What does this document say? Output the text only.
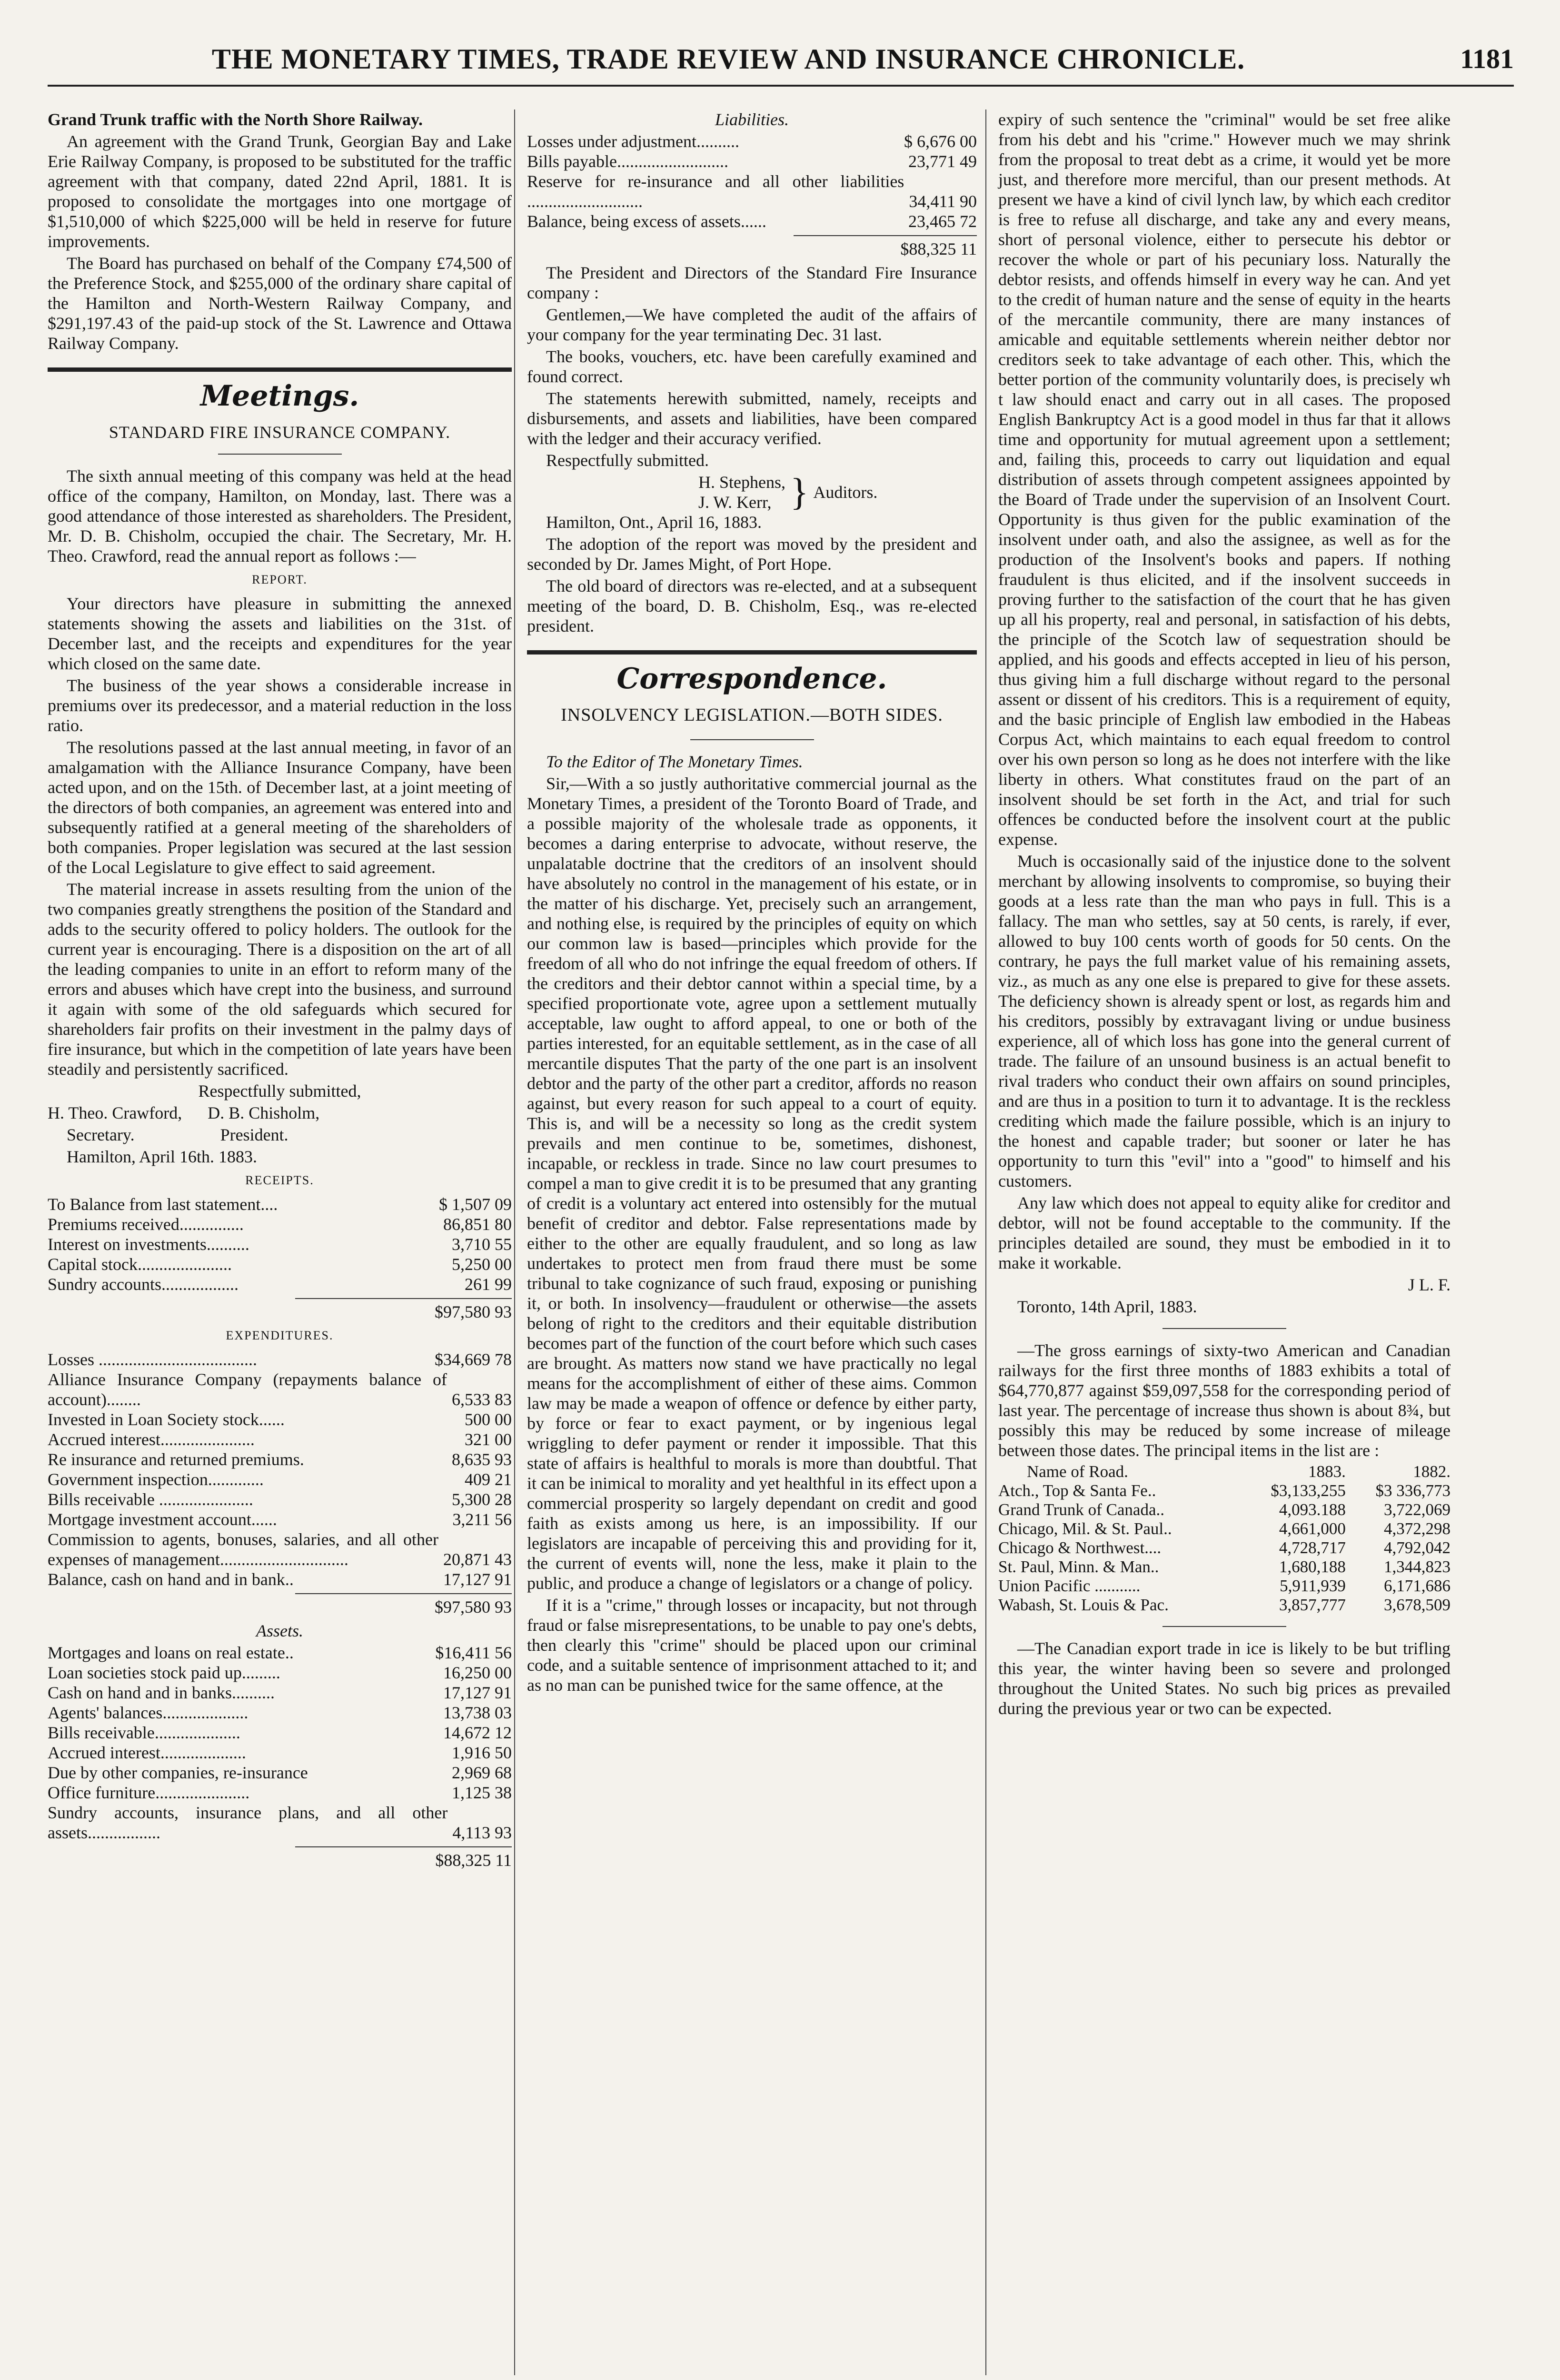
THE MONETARY TIMES, TRADE REVIEW AND INSURANCE CHRONICLE.	1181

Grand Trunk traffic with the North Shore Railway.

An agreement with the Grand Trunk, Georgian Bay and Lake Erie Railway Company, is proposed to be substituted for the traffic agreement with that company, dated 22nd April, 1881. It is proposed to consolidate the mortgages into one mortgage of $1,510,000 of which $225,000 will be held in reserve for future improvements.

The Board has purchased on behalf of the Company £74,500 of the Preference Stock, and $255,000 of the ordinary share capital of the Hamilton and North-Western Railway Company, and $291,197.43 of the paid-up stock of the St. Lawrence and Ottawa Railway Company.

Meetings.

STANDARD FIRE INSURANCE COMPANY.

The sixth annual meeting of this company was held at the head office of the company, Hamilton, on Monday, last. There was a good attendance of those interested as shareholders. The President, Mr. D. B. Chisholm, occupied the chair. The Secretary, Mr. H. Theo. Crawford, read the annual report as follows :—

REPORT.

Your directors have pleasure in submitting the annexed statements showing the assets and liabilities on the 31st. of December last, and the receipts and expenditures for the year which closed on the same date.

The business of the year shows a considerable increase in premiums over its predecessor, and a material reduction in the loss ratio.

The resolutions passed at the last annual meeting, in favor of an amalgamation with the Alliance Insurance Company, have been acted upon, and on the 15th. of December last, at a joint meeting of the directors of both companies, an agreement was entered into and subsequently ratified at a general meeting of the shareholders of both companies. Proper legislation was secured at the last session of the Local Legislature to give effect to said agreement.

The material increase in assets resulting from the union of the two companies greatly strengthens the position of the Standard and adds to the security offered to policy holders. The outlook for the current year is encouraging. There is a disposition on the art of all the leading companies to unite in an effort to reform many of the errors and abuses which have crept into the business, and surround it again with some of the old safeguards which secured for shareholders fair profits on their investment in the palmy days of fire insurance, but which in the competition of late years have been steadily and persistently sacrificed.

Respectfully submitted,

H. Theo. Crawford,      D. B. Chisholm,

Secretary.                    President.

Hamilton, April 16th. 1883.

RECEIPTS.
To Balance from last statement....	$ 1,507 09
Premiums received...............	86,851 80
Interest on investments..........	3,710 55
Capital stock......................	5,250 00
Sundry accounts..................	261 99
$97,580 93
EXPENDITURES.
Losses .....................................	$34,669 78
Alliance Insurance Company (repayments balance of account)........	6,533 83
Invested in Loan Society stock......	500 00
Accrued interest......................	321 00
Re insurance and returned premiums.	8,635 93
Government inspection.............	409 21
Bills receivable ......................	5,300 28
Mortgage investment account......	3,211 56
Commission to agents, bonuses, salaries, and all other expenses of management..............................	20,871 43
Balance, cash on hand and in bank..	17,127 91
$97,580 93

Assets.

Mortgages and loans on real estate..	$16,411 56
Loan societies stock paid up.........	16,250 00
Cash on hand and in banks..........	17,127 91
Agents' balances....................	13,738 03
Bills receivable....................	14,672 12
Accrued interest....................	1,916 50
Due by other companies, re-insurance	2,969 68
Office furniture......................	1,125 38
Sundry accounts, insurance plans, and all other assets.................	4,113 93
$88,325 11

Liabilities.

Losses under adjustment..........	$ 6,676 00
Bills payable..........................	23,771 49
Reserve for re-insurance and all other liabilities ...........................	34,411 90
Balance, being excess of assets......	23,465 72
$88,325 11

The President and Directors of the Standard Fire Insurance company :

Gentlemen,—We have completed the audit of the affairs of your company for the year terminating Dec. 31 last.

The books, vouchers, etc. have been carefully examined and found correct.

The statements herewith submitted, namely, receipts and disbursements, and assets and liabilities, have been compared with the ledger and their accuracy verified.

Respectfully submitted.

H. Stephens,
J. W. Kerr, } Auditors.

Hamilton, Ont., April 16, 1883.

The adoption of the report was moved by the president and seconded by Dr. James Might, of Port Hope.

The old board of directors was re-elected, and at a subsequent meeting of the board, D. B. Chisholm, Esq., was re-elected president.

Correspondence.
INSOLVENCY LEGISLATION.—BOTH SIDES.

To the Editor of The Monetary Times.

Sir,—With a so justly authoritative commercial journal as the Monetary Times, a president of the Toronto Board of Trade, and a possible majority of the wholesale trade as opponents, it becomes a daring enterprise to advocate, without reserve, the unpalatable doctrine that the creditors of an insolvent should have absolutely no control in the management of his estate, or in the matter of his discharge. Yet, precisely such an arrangement, and nothing else, is required by the principles of equity on which our common law is based—principles which provide for the freedom of all who do not infringe the equal freedom of others. If the creditors and their debtor cannot within a special time, by a specified proportionate vote, agree upon a settlement mutually acceptable, law ought to afford appeal, to one or both of the parties interested, for an equitable settlement, as in the case of all mercantile disputes That the party of the one part is an insolvent debtor and the party of the other part a creditor, affords no reason against, but every reason for such appeal to a court of equity. This is, and will be a necessity so long as the credit system prevails and men continue to be, sometimes, dishonest, incapable, or reckless in trade. Since no law court presumes to compel a man to give credit it is to be presumed that any granting of credit is a voluntary act entered into ostensibly for the mutual benefit of creditor and debtor. False representations made by either to the other are equally fraudulent, and so long as law undertakes to protect men from fraud there must be some tribunal to take cognizance of such fraud, exposing or punishing it, or both. In insolvency—fraudulent or otherwise—the assets belong of right to the creditors and their equitable distribution becomes part of the function of the court before which such cases are brought. As matters now stand we have practically no legal means for the accomplishment of either of these aims. Common law may be made a weapon of offence or defence by either party, by force or fear to exact payment, or by ingenious legal wriggling to defer payment or render it impossible. That this state of affairs is healthful to morals is more than doubtful. That it can be inimical to morality and yet healthful in its effect upon a commercial prosperity so largely dependant on credit and good faith as exists among us here, is an impossibility. If our legislators are incapable of perceiving this and providing for it, the current of events will, none the less, make it plain to the public, and produce a change of legislators or a change of policy.

If it is a "crime," through losses or incapacity, but not through fraud or false misrepresentations, to be unable to pay one's debts, then clearly this "crime" should be placed upon our criminal code, and a suitable sentence of imprisonment attached to it; and as no man can be punished twice for the same offence, at the

expiry of such sentence the "criminal" would be set free alike from his debt and his "crime." However much we may shrink from the proposal to treat debt as a crime, it would yet be more just, and therefore more merciful, than our present methods. At present we have a kind of civil lynch law, by which each creditor is free to refuse all discharge, and take any and every means, short of personal violence, either to persecute his debtor or recover the whole or part of his pecuniary loss. Naturally the debtor resists, and offends himself in every way he can. And yet to the credit of human nature and the sense of equity in the hearts of the mercantile community, there are many instances of amicable and equitable settlements wherein neither debtor nor creditors seek to take advantage of each other. This, which the better portion of the community voluntarily does, is precisely wh t law should enact and carry out in all cases. The proposed English Bankruptcy Act is a good model in thus far that it allows time and opportunity for mutual agreement upon a settlement; and, failing this, proceeds to carry out liquidation and equal distribution of assets through competent assignees appointed by the Board of Trade under the supervision of an Insolvent Court. Opportunity is thus given for the public examination of the insolvent under oath, and also the assignee, as well as for the production of the Insolvent's books and papers. If nothing fraudulent is thus elicited, and if the insolvent succeeds in proving further to the satisfaction of the court that he has given up all his property, real and personal, in satisfaction of his debts, the principle of the Scotch law of sequestration should be applied, and his goods and effects accepted in lieu of his person, thus giving him a full discharge without regard to the personal assent or dissent of his creditors. This is a requirement of equity, and the basic principle of English law embodied in the Habeas Corpus Act, which maintains to each equal freedom to control over his own person so long as he does not interfere with the like liberty in others. What constitutes fraud on the part of an insolvent should be set forth in the Act, and trial for such offences be conducted before the insolvent court at the public expense.

Much is occasionally said of the injustice done to the solvent merchant by allowing insolvents to compromise, so buying their goods at a less rate than the man who pays in full. This is a fallacy. The man who settles, say at 50 cents, is rarely, if ever, allowed to buy 100 cents worth of goods for 50 cents. On the contrary, he pays the full market value of his remaining assets, viz., as much as any one else is prepared to give for these assets. The deficiency shown is already spent or lost, as regards him and his creditors, possibly by extravagant living or undue business experience, all of which loss has gone into the general current of trade. The failure of an unsound business is an actual benefit to rival traders who conduct their own affairs on sound principles, and are thus in a position to turn it to advantage. It is the reckless crediting which made the failure possible, which is an injury to the honest and capable trader; but sooner or later he has opportunity to turn this "evil" into a "good" to himself and his customers.

Any law which does not appeal to equity alike for creditor and debtor, will not be found acceptable to the community. If the principles detailed are sound, they must be embodied in it to make it workable.

J L. F.

Toronto, 14th April, 1883.

—The gross earnings of sixty-two American and Canadian railways for the first three months of 1883 exhibits a total of $64,770,877 against $59,097,558 for the corresponding period of last year. The percentage of increase thus shown is about 8¾, but possibly this may be reduced by some increase of mileage between those dates. The principal items in the list are :

Name of Road.	1883.	1882.
Atch., Top & Santa Fe..	$3,133,255	$3 336,773
Grand Trunk of Canada..	4,093.188	3,722,069
Chicago, Mil. & St. Paul..	4,661,000	4,372,298
Chicago & Northwest....	4,728,717	4,792,042
St. Paul, Minn. & Man..	1,680,188	1,344,823
Union Pacific ...........	5,911,939	6,171,686
Wabash, St. Louis & Pac.	3,857,777	3,678,509

—The Canadian export trade in ice is likely to be but trifling this year, the winter having been so severe and prolonged throughout the United States. No such big prices as prevailed during the previous year or two can be expected.
